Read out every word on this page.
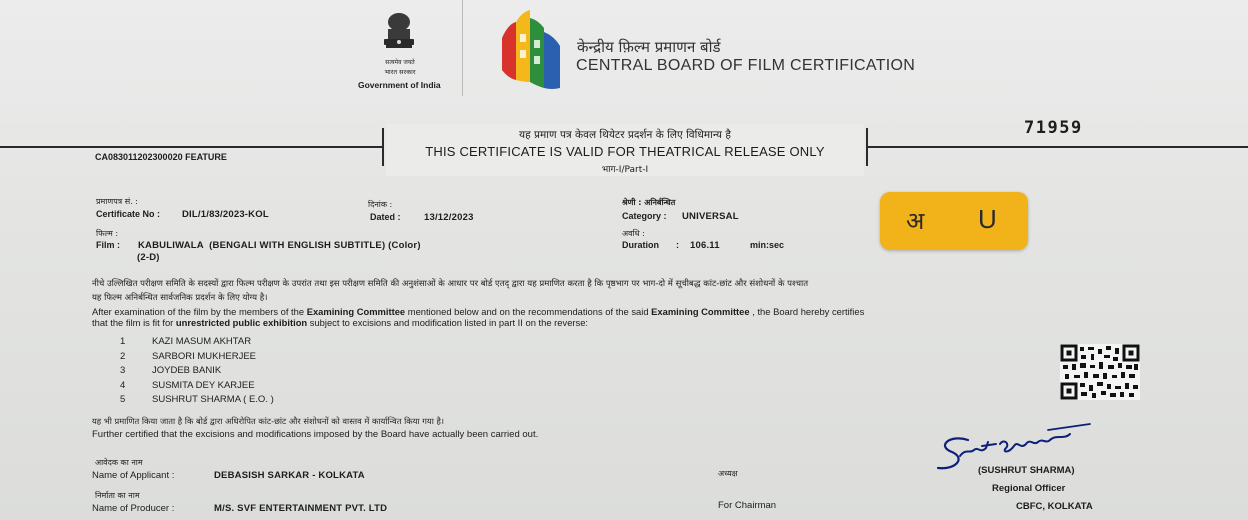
सत्यमेव जयते
भारत सरकार
Government of India
केन्द्रीय फ़िल्म प्रमाणन बोर्ड
CENTRAL BOARD OF FILM CERTIFICATION
यह प्रमाण पत्र केवल थियेटर प्रदर्शन के लिए विधिमान्य है
THIS CERTIFICATE IS VALID FOR THEATRICAL RELEASE ONLY
भाग-I/Part-I
71959
CA083011202300020 FEATURE
प्रमाणपत्र सं. :
Certificate No : DIL/1/83/2023-KOL
दिनांक :
Dated : 13/12/2023
श्रेणी : अनिर्बन्धित
Category : UNIVERSAL
फिल्म :
Film : KABULIWALA  (BENGALI WITH ENGLISH SUBTITLE) (Color)
(2-D)
अवधि :
Duration : 106.11	min:sec
अ U
नीचे उल्लिखित परीक्षण समिति के सदस्यों द्वारा फिल्म परीक्षण के उपरांत तथा इस परीक्षण समिति की अनुशंसाओं के आधार पर बोर्ड एतद् द्वारा यह प्रमाणित करता है कि पृष्ठभाग पर भाग-दो में सूचीबद्ध कांट-छांट और संशोधनों के पश्चात
यह फिल्म अनिर्बन्धित सार्वजनिक प्रदर्शन के लिए योग्य है।
After examination of the film by the members of the Examining Committee mentioned below and on the recommendations of the said Examining Committee , the Board hereby certifies
that the film is fit for unrestricted public exhibition subject to excisions and modification listed in part II on the reverse:
1	KAZI MASUM AKHTAR
2	SARBORI MUKHERJEE
3	JOYDEB BANIK
4	SUSMITA DEY KARJEE
5	SUSHRUT SHARMA ( E.O. )
यह भी प्रमाणित किया जाता है कि बोर्ड द्वारा अधिरोपित कांट-छांट और संशोधनों को वास्तव में कार्यान्वित किया गया है।
Further certified that the excisions and modifications imposed by the Board have actually been carried out.
आवेदक का नाम
Name of Applicant :	DEBASISH SARKAR - KOLKATA
निर्माता का नाम
Name of Producer :	M/S. SVF ENTERTAINMENT PVT. LTD
अध्यक्ष
For Chairman
(SUSHRUT SHARMA)
Regional Officer
CBFC, KOLKATA
